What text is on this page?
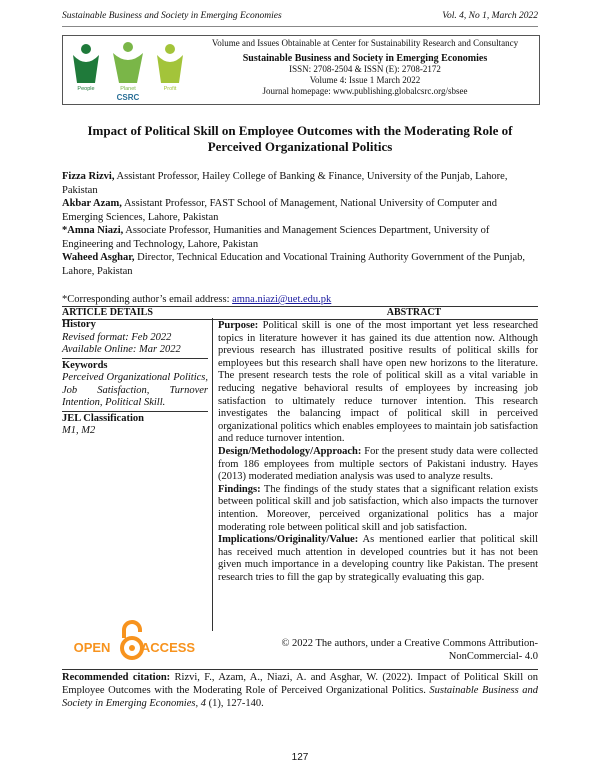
Sustainable Business and Society in Emerging Economies	Vol. 4, No 1, March 2022
People	Planet	Profit
CSRC
Volume and Issues Obtainable at Center for Sustainability Research and Consultancy
Sustainable Business and Society in Emerging Economies
ISSN: 2708-2504 & ISSN (E): 2708-2172
Volume 4: Issue 1 March 2022
Journal homepage: www.publishing.globalcsrc.org/sbsee
Impact of Political Skill on Employee Outcomes with the Moderating Role of Perceived Organizational Politics

Fizza Rizvi, Assistant Professor, Hailey College of Banking & Finance, University of the Punjab, Lahore, Pakistan

Akbar Azam, Assistant Professor, FAST School of Management, National University of Computer and Emerging Sciences, Lahore, Pakistan

*Amna Niazi, Associate Professor, Humanities and Management Sciences Department, University of Engineering and Technology, Lahore, Pakistan

Waheed Asghar, Director, Technical Education and Vocational Training Authority Government of the Punjab, Lahore, Pakistan

*Corresponding author’s email address: amna.niazi@uet.edu.pk
ARTICLE DETAILS	ABSTRACT
History
Revised format: Feb 2022
Available Online: Mar 2022
Keywords
Perceived Organizational Politics, Job Satisfaction, Turnover Intention, Political Skill.
JEL Classification
M1, M2
OPEN ACCESS

Purpose: Political skill is one of the most important yet less researched topics in literature however it has gained its due attention now. Although previous research has illustrated positive results of political skills for employees but this research shall have open new horizons to the literature. The present research tests the role of political skill as a vital variable in reducing negative behavioral results of employees by increasing job satisfaction to ultimately reduce turnover intention. This research investigates the balancing impact of political skill in perceived organizational politics which enables employees to maintain job satisfaction and reduce turnover intention.

Design/Methodology/Approach: For the present study data were collected from 186 employees from multiple sectors of Pakistani industry. Hayes (2013) moderated mediation analysis was used to analyze results.

Findings: The findings of the study states that a significant relation exists between political skill and job satisfaction, which also impacts the turnover intention. Moreover, perceived organizational politics has a major moderating role between political skill and job satisfaction.

Implications/Originality/Value: As mentioned earlier that political skill has received much attention in developed countries but it has not been given much importance in a developing country like Pakistan. The present research tries to fill the gap by strategically evaluating this gap.

© 2022 The authors, under a Creative Commons Attribution-NonCommercial- 4.0
Recommended citation: Rizvi, F., Azam, A., Niazi, A. and Asghar, W. (2022). Impact of Political Skill on Employee Outcomes with the Moderating Role of Perceived Organizational Politics. Sustainable Business and Society in Emerging Economies, 4 (1), 127-140.
127
